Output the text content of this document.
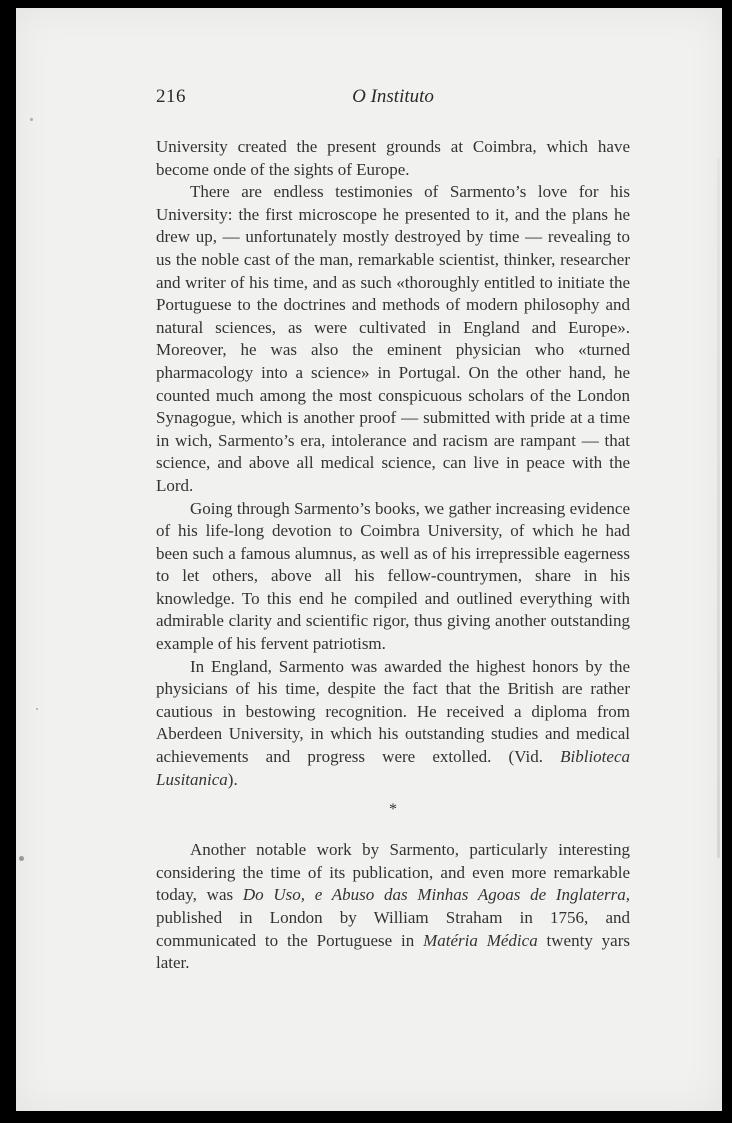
216	O Instituto

University created the present grounds at Coimbra, which have become onde of the sights of Europe.

There are endless testimonies of Sarmento’s love for his University: the first microscope he presented to it, and the plans he drew up, — unfortunately mostly destroyed by time — revealing to us the noble cast of the man, remarkable scientist, thinker, researcher and writer of his time, and as such «thoroughly entitled to initiate the Portuguese to the doctrines and methods of modern philosophy and natural sciences, as were cultivated in England and Europe». Moreover, he was also the eminent physician who «turned pharmacology into a science» in Portugal. On the other hand, he counted much among the most conspicuous scholars of the London Synagogue, which is another proof — submitted with pride at a time in wich, Sarmento’s era, intolerance and racism are rampant — that science, and above all medical science, can live in peace with the Lord.

Going through Sarmento’s books, we gather increasing evidence of his life-long devotion to Coimbra University, of which he had been such a famous alumnus, as well as of his irrepressible eagerness to let others, above all his fellow-countrymen, share in his knowledge. To this end he compiled and outlined everything with admirable clarity and scientific rigor, thus giving another outstanding example of his fervent patriotism.

In England, Sarmento was awarded the highest honors by the physicians of his time, despite the fact that the British are rather cautious in bestowing recognition. He received a diploma from Aberdeen University, in which his outstanding studies and medical achievements and progress were extolled. (Vid. Biblioteca Lusitanica).

*

Another notable work by Sarmento, particularly interesting considering the time of its publication, and even more remarkable today, was Do Uso, e Abuso das Minhas Agoas de Inglaterra, published in London by William Straham in 1756, and communicated to the Portuguese in Matéria Médica twenty yars later.
